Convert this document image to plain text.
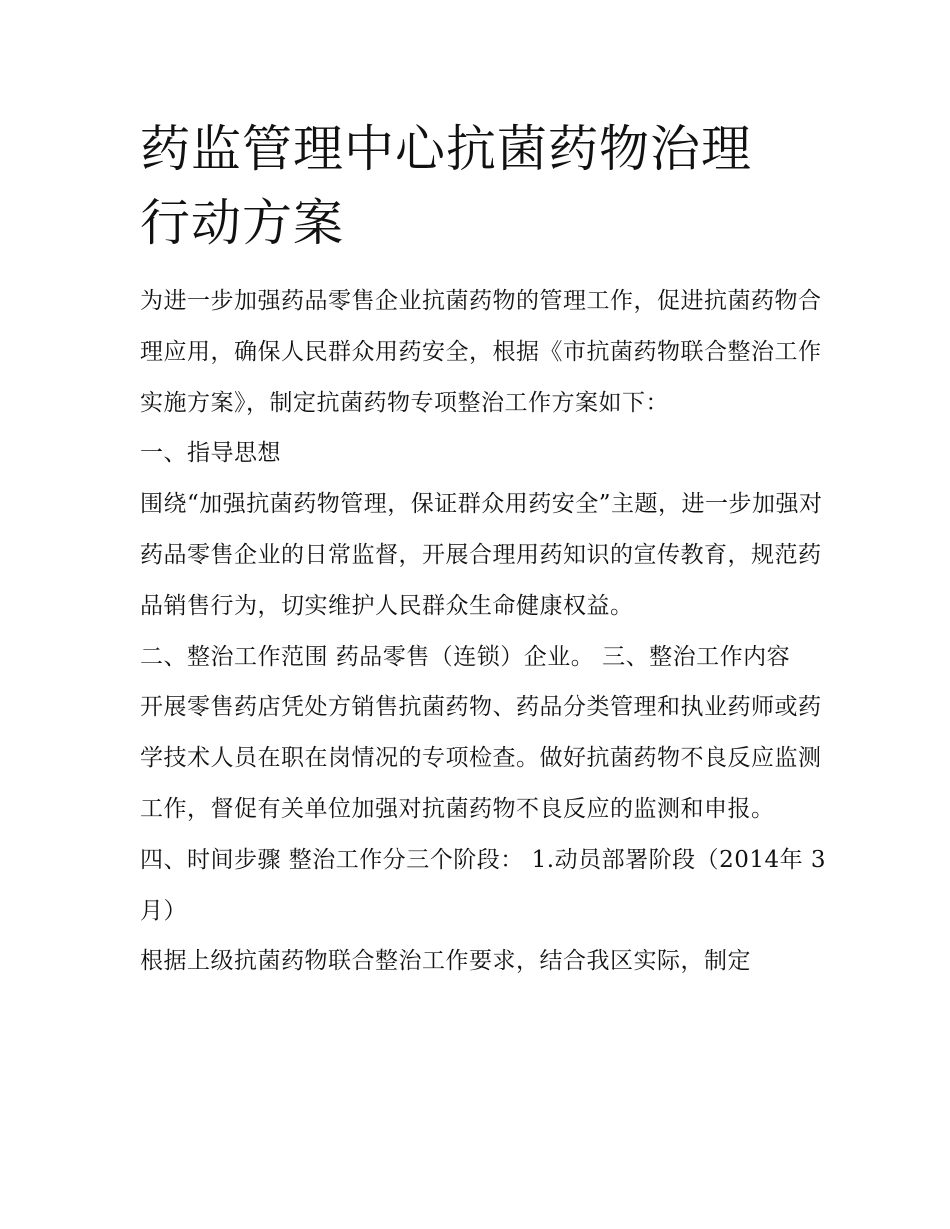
药监管理中心抗菌药物治理行动方案

为进一步加强药品零售企业抗菌药物的管理工作，促进抗菌药物合理应用，确保人民群众用药安全，根据《市抗菌药物联合整治工作实施方案》，制定抗菌药物专项整治工作方案如下：

一、指导思想

围绕“加强抗菌药物管理，保证群众用药安全”主题，进一步加强对药品零售企业的日常监督，开展合理用药知识的宣传教育，规范药品销售行为，切实维护人民群众生命健康权益。

二、整治工作范围 药品零售（连锁）企业。 三、整治工作内容

开展零售药店凭处方销售抗菌药物、药品分类管理和执业药师或药学技术人员在职在岗情况的专项检查。做好抗菌药物不良反应监测工作，督促有关单位加强对抗菌药物不良反应的监测和申报。

四、时间步骤 整治工作分三个阶段： 1.动员部署阶段（2014年 3 月）

根据上级抗菌药物联合整治工作要求，结合我区实际，制定
